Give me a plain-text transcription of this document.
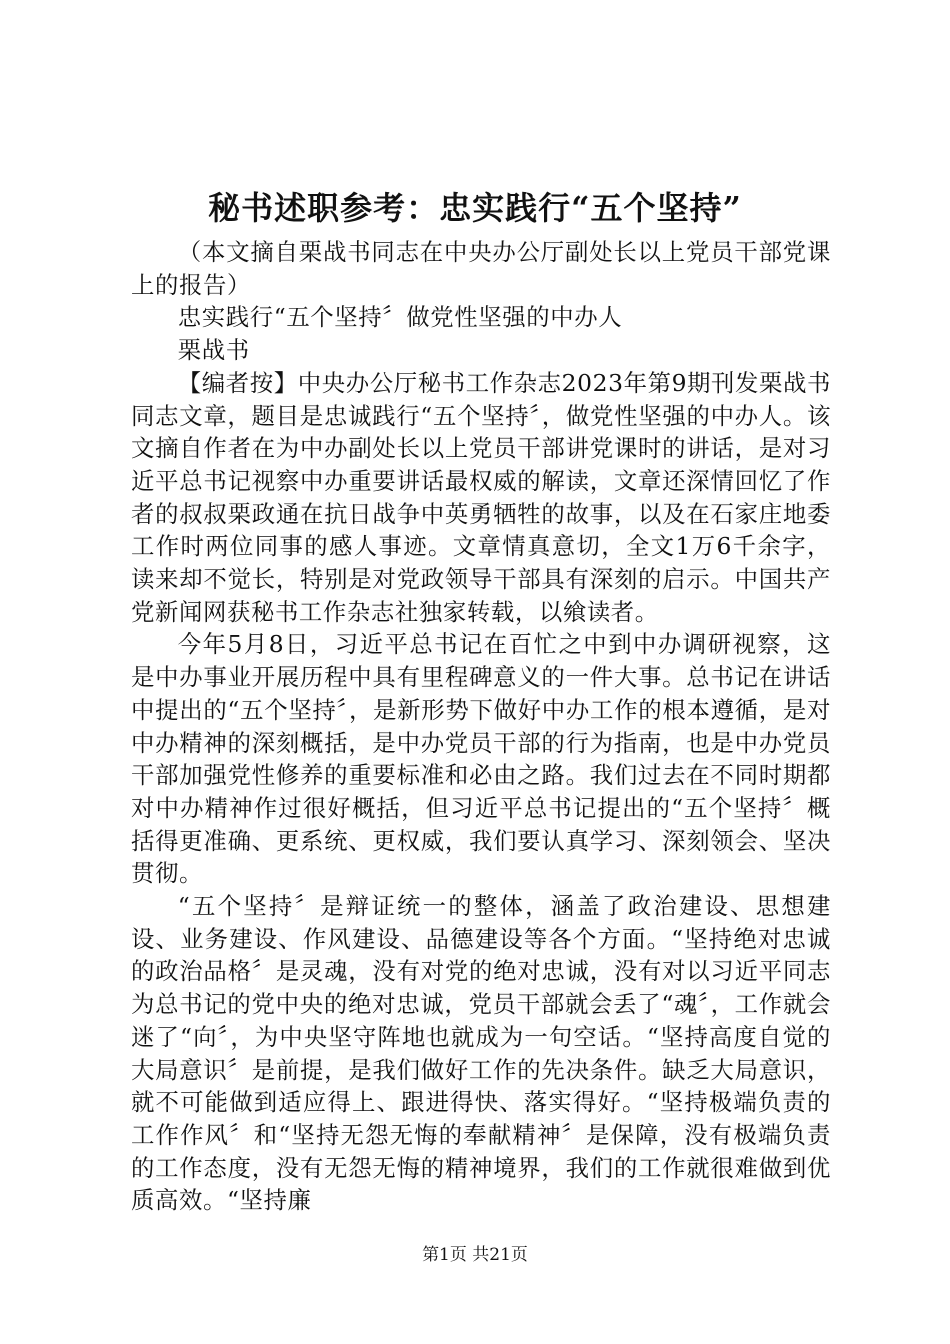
秘书述职参考：忠实践行“五个坚持”

（本文摘自栗战书同志在中央办公厅副处长以上党员干部党课上的报告）

忠实践行“五个坚持〞做党性坚强的中办人

栗战书

【编者按】中央办公厅秘书工作杂志2023年第9期刊发栗战书同志文章，题目是忠诚践行“五个坚持〞，做党性坚强的中办人。该文摘自作者在为中办副处长以上党员干部讲党课时的讲话，是对习近平总书记视察中办重要讲话最权威的解读，文章还深情回忆了作者的叔叔栗政通在抗日战争中英勇牺牲的故事，以及在石家庄地委工作时两位同事的感人事迹。文章情真意切，全文1万6千余字，读来却不觉长，特别是对党政领导干部具有深刻的启示。中国共产党新闻网获秘书工作杂志社独家转载，以飨读者。

今年5月8日，习近平总书记在百忙之中到中办调研视察，这是中办事业开展历程中具有里程碑意义的一件大事。总书记在讲话中提出的“五个坚持〞，是新形势下做好中办工作的根本遵循，是对中办精神的深刻概括，是中办党员干部的行为指南，也是中办党员干部加强党性修养的重要标准和必由之路。我们过去在不同时期都对中办精神作过很好概括，但习近平总书记提出的“五个坚持〞概括得更准确、更系统、更权威，我们要认真学习、深刻领会、坚决贯彻。

“五个坚持〞是辩证统一的整体，涵盖了政治建设、思想建设、业务建设、作风建设、品德建设等各个方面。“坚持绝对忠诚的政治品格〞是灵魂，没有对党的绝对忠诚，没有对以习近平同志为总书记的党中央的绝对忠诚，党员干部就会丢了“魂〞，工作就会迷了“向〞，为中央坚守阵地也就成为一句空话。“坚持高度自觉的大局意识〞是前提，是我们做好工作的先决条件。缺乏大局意识，就不可能做到适应得上、跟进得快、落实得好。“坚持极端负责的工作作风〞和“坚持无怨无悔的奉献精神〞是保障，没有极端负责的工作态度，没有无怨无悔的精神境界，我们的工作就很难做到优质高效。“坚持廉

第1页 共21页
